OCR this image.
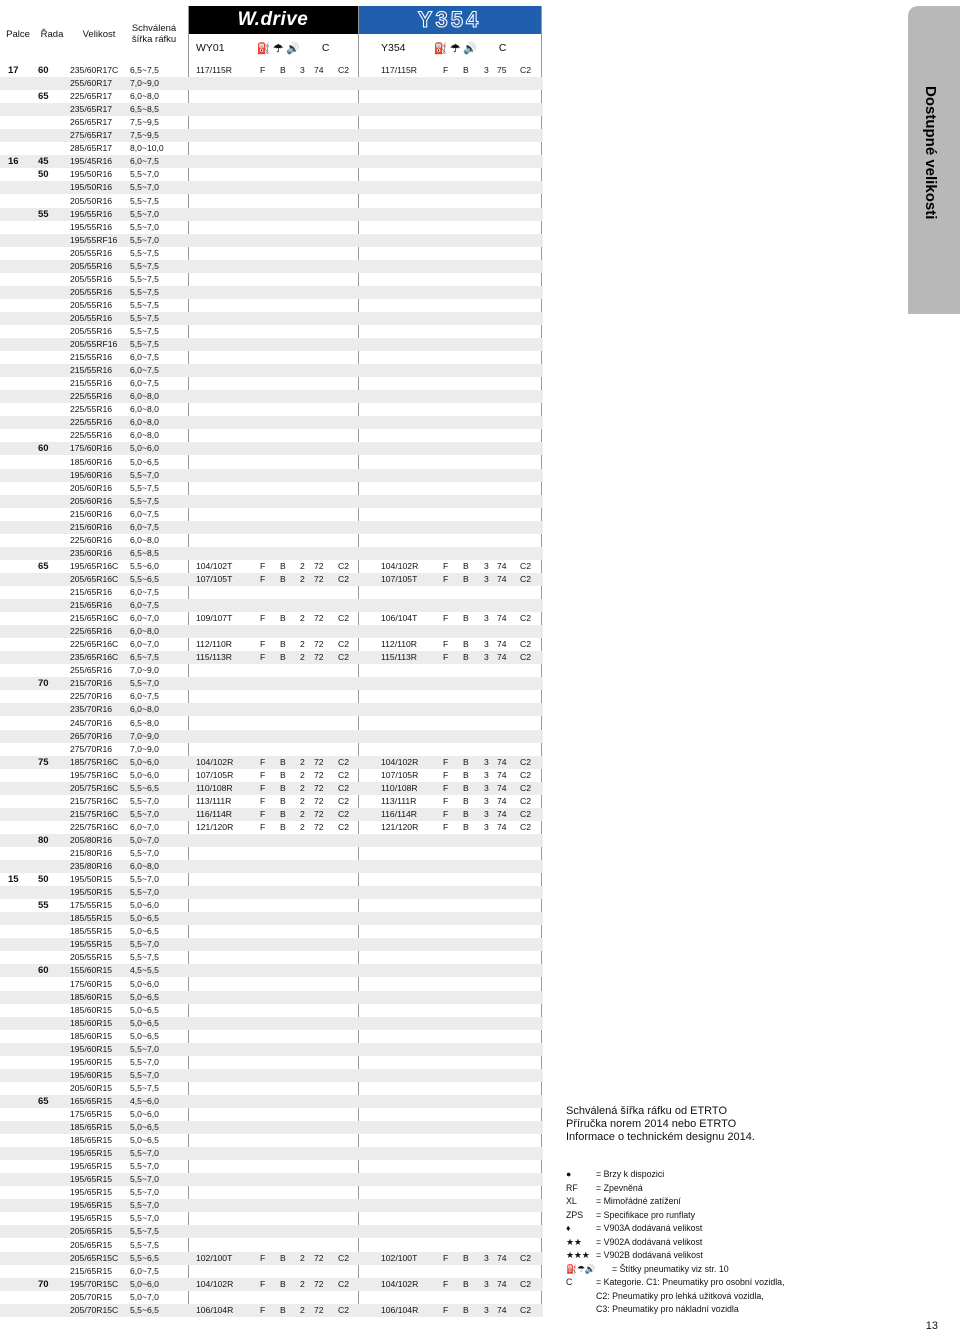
Palce	Řada	Velikost	Schválená šířka ráfku
W.drive	Y354
WY01	⛽ ☂ 🔊 C	Y354	⛽ ☂ 🔊 C
17	60	235/60R17C 6,5~7,5	117/115R	F B 3 74 C2	117/115R	F B 3 75 C2
255/60R17 7,0~9,0
65	225/65R17 6,0~8,0
235/65R17 6,5~8,5
265/65R17 7,5~9,5
275/65R17 7,5~9,5
285/65R17 8,0~10,0
16	45	195/45R16 6,0~7,5
50	195/50R16 5,5~7,0
195/50R16 5,5~7,0
205/50R16 5,5~7,5
55	195/55R16 5,5~7,0
195/55R16 5,5~7,0
195/55RF16 5,5~7,0
205/55R16 5,5~7,5
205/55R16 5,5~7,5
205/55R16 5,5~7,5
205/55R16 5,5~7,5
205/55R16 5,5~7,5
205/55R16 5,5~7,5
205/55R16 5,5~7,5
205/55RF16 5,5~7,5
215/55R16 6,0~7,5
215/55R16 6,0~7,5
215/55R16 6,0~7,5
225/55R16 6,0~8,0
225/55R16 6,0~8,0
225/55R16 6,0~8,0
225/55R16 6,0~8,0
60	175/60R16 5,0~6,0
185/60R16 5,0~6,5
195/60R16 5,5~7,0
205/60R16 5,5~7,5
205/60R16 5,5~7,5
215/60R16 6,0~7,5
215/60R16 6,0~7,5
225/60R16 6,0~8,0
235/60R16 6,5~8,5
65	195/65R16C 5,5~6,0	104/102T	F B 2 72 C2	104/102R	F B 3 74 C2
205/65R16C 5,5~6,5	107/105T	F B 2 72 C2	107/105T	F B 3 74 C2
215/65R16 6,0~7,5
215/65R16 6,0~7,5
215/65R16C 6,0~7,0	109/107T	F B 2 72 C2	106/104T	F B 3 74 C2
225/65R16 6,0~8,0
225/65R16C 6,0~7,0	112/110R	F B 2 72 C2	112/110R	F B 3 74 C2
235/65R16C 6,5~7,5	115/113R	F B 2 72 C2	115/113R	F B 3 74 C2
255/65R16 7,0~9,0
70	215/70R16 5,5~7,0
225/70R16 6,0~7,5
235/70R16 6,0~8,0
245/70R16 6,5~8,0
265/70R16 7,0~9,0
275/70R16 7,0~9,0
75	185/75R16C 5,0~6,0	104/102R	F B 2 72 C2	104/102R	F B 3 74 C2
195/75R16C 5,0~6,0	107/105R	F B 2 72 C2	107/105R	F B 3 74 C2
205/75R16C 5,5~6,5	110/108R	F B 2 72 C2	110/108R	F B 3 74 C2
215/75R16C 5,5~7,0	113/111R	F B 2 72 C2	113/111R	F B 3 74 C2
215/75R16C 5,5~7,0	116/114R	F B 2 72 C2	116/114R	F B 3 74 C2
225/75R16C 6,0~7,0	121/120R	F B 2 72 C2	121/120R	F B 3 74 C2
80	205/80R16 5,0~7,0
215/80R16 5,5~7,0
235/80R16 6,0~8,0
15	50	195/50R15 5,5~7,0
195/50R15 5,5~7,0
55	175/55R15 5,0~6,0
185/55R15 5,0~6,5
185/55R15 5,0~6,5
195/55R15 5,5~7,0
205/55R15 5,5~7,5
60	155/60R15 4,5~5,5
175/60R15 5,0~6,0
185/60R15 5,0~6,5
185/60R15 5,0~6,5
185/60R15 5,0~6,5
185/60R15 5,0~6,5
195/60R15 5,5~7,0
195/60R15 5,5~7,0
195/60R15 5,5~7,0
205/60R15 5,5~7,5
65	165/65R15 4,5~6,0
175/65R15 5,0~6,0
185/65R15 5,0~6,5
185/65R15 5,0~6,5
195/65R15 5,5~7,0
195/65R15 5,5~7,0
195/65R15 5,5~7,0
195/65R15 5,5~7,0
195/65R15 5,5~7,0
195/65R15 5,5~7,0
205/65R15 5,5~7,5
205/65R15 5,5~7,5
205/65R15C 5,5~6,5	102/100T	F B 2 72 C2	102/100T	F B 3 74 C2
215/65R15 6,0~7,5
70	195/70R15C 5,0~6,0	104/102R	F B 2 72 C2	104/102R	F B 3 74 C2
205/70R15 5,0~7,0
205/70R15C 5,5~6,5	106/104R	F B 2 72 C2	106/104R	F B 3 74 C2
Dostupné velikosti
Schválená šířka ráfku od ETRTO
Příručka norem 2014 nebo ETRTO
Informace o technickém designu 2014.
●	= Brzy k dispozici
RF = Zpevněná
XL = Mimořádné zatížení
ZPS = Specifikace pro runflaty
♦	= V903A dodávaná velikost
★★ = V902A dodávaná velikost
★★★ = V902B dodávaná velikost
⛽☂🔊 = Štítky pneumatiky viz str. 10
C	= Kategorie. C1: Pneumatiky pro osobní vozidla,
C2: Pneumatiky pro lehká užitková vozidla,
C3: Pneumatiky pro nákladní vozidla
13
